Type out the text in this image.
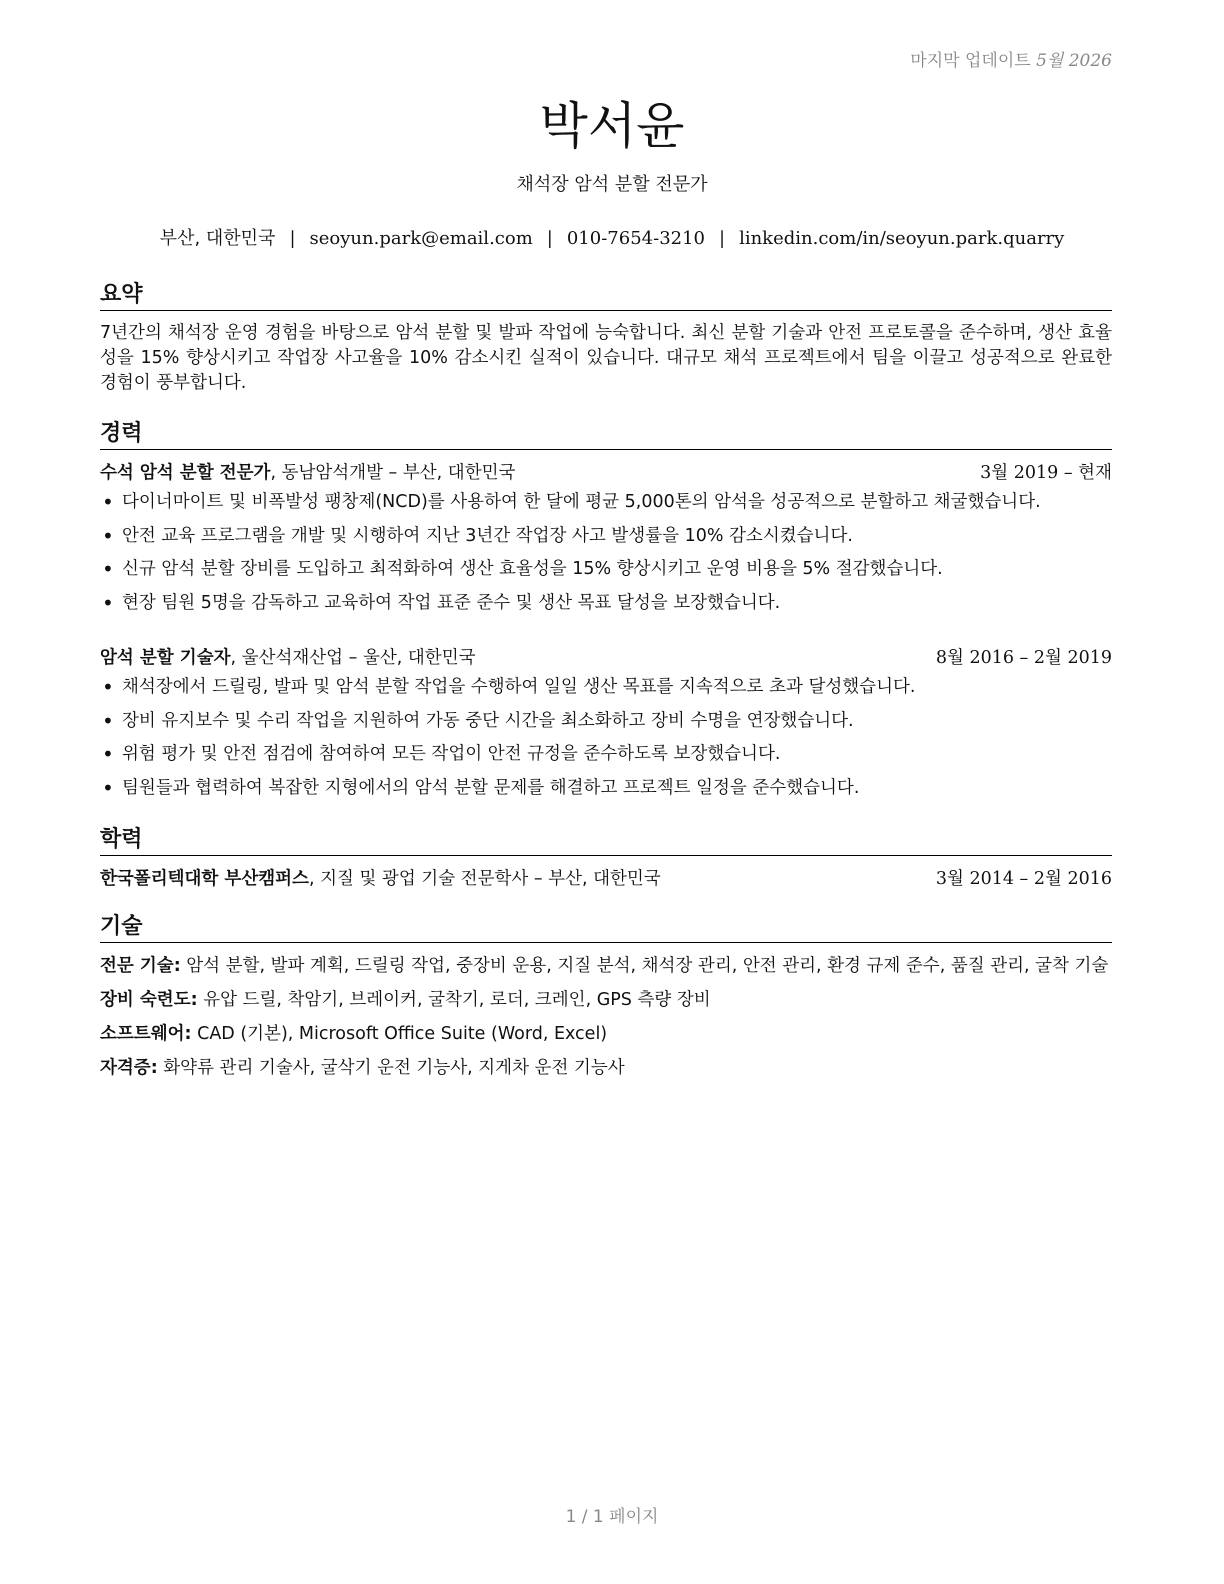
마지막 업데이트 5월 2026
박서윤
채석장 암석 분할 전문가
부산, 대한민국 | seoyun.park@email.com | 010-7654-3210 | linkedin.com/in/seoyun.park.quarry
요약
7년간의 채석장 운영 경험을 바탕으로 암석 분할 및 발파 작업에 능숙합니다. 최신 분할 기술과 안전 프로토콜을 준수하며, 생산 효율성을 15% 향상시키고 작업장 사고율을 10% 감소시킨 실적이 있습니다. 대규모 채석 프로젝트에서 팀을 이끌고 성공적으로 완료한 경험이 풍부합니다.
경력
수석 암석 분할 전문가, 동남암석개발 – 부산, 대한민국	3월 2019 – 현재
• 다이너마이트 및 비폭발성 팽창제(NCD)를 사용하여 한 달에 평균 5,000톤의 암석을 성공적으로 분할하고 채굴했습니다.
• 안전 교육 프로그램을 개발 및 시행하여 지난 3년간 작업장 사고 발생률을 10% 감소시켰습니다.
• 신규 암석 분할 장비를 도입하고 최적화하여 생산 효율성을 15% 향상시키고 운영 비용을 5% 절감했습니다.
• 현장 팀원 5명을 감독하고 교육하여 작업 표준 준수 및 생산 목표 달성을 보장했습니다.
암석 분할 기술자, 울산석재산업 – 울산, 대한민국	8월 2016 – 2월 2019
• 채석장에서 드릴링, 발파 및 암석 분할 작업을 수행하여 일일 생산 목표를 지속적으로 초과 달성했습니다.
• 장비 유지보수 및 수리 작업을 지원하여 가동 중단 시간을 최소화하고 장비 수명을 연장했습니다.
• 위험 평가 및 안전 점검에 참여하여 모든 작업이 안전 규정을 준수하도록 보장했습니다.
• 팀원들과 협력하여 복잡한 지형에서의 암석 분할 문제를 해결하고 프로젝트 일정을 준수했습니다.
학력
한국폴리텍대학 부산캠퍼스, 지질 및 광업 기술 전문학사 – 부산, 대한민국	3월 2014 – 2월 2016
기술
전문 기술: 암석 분할, 발파 계획, 드릴링 작업, 중장비 운용, 지질 분석, 채석장 관리, 안전 관리, 환경 규제 준수, 품질 관리, 굴착 기술
장비 숙련도: 유압 드릴, 착암기, 브레이커, 굴착기, 로더, 크레인, GPS 측량 장비
소프트웨어: CAD (기본), Microsoft Office Suite (Word, Excel)
자격증: 화약류 관리 기술사, 굴삭기 운전 기능사, 지게차 운전 기능사
1 / 1 페이지
